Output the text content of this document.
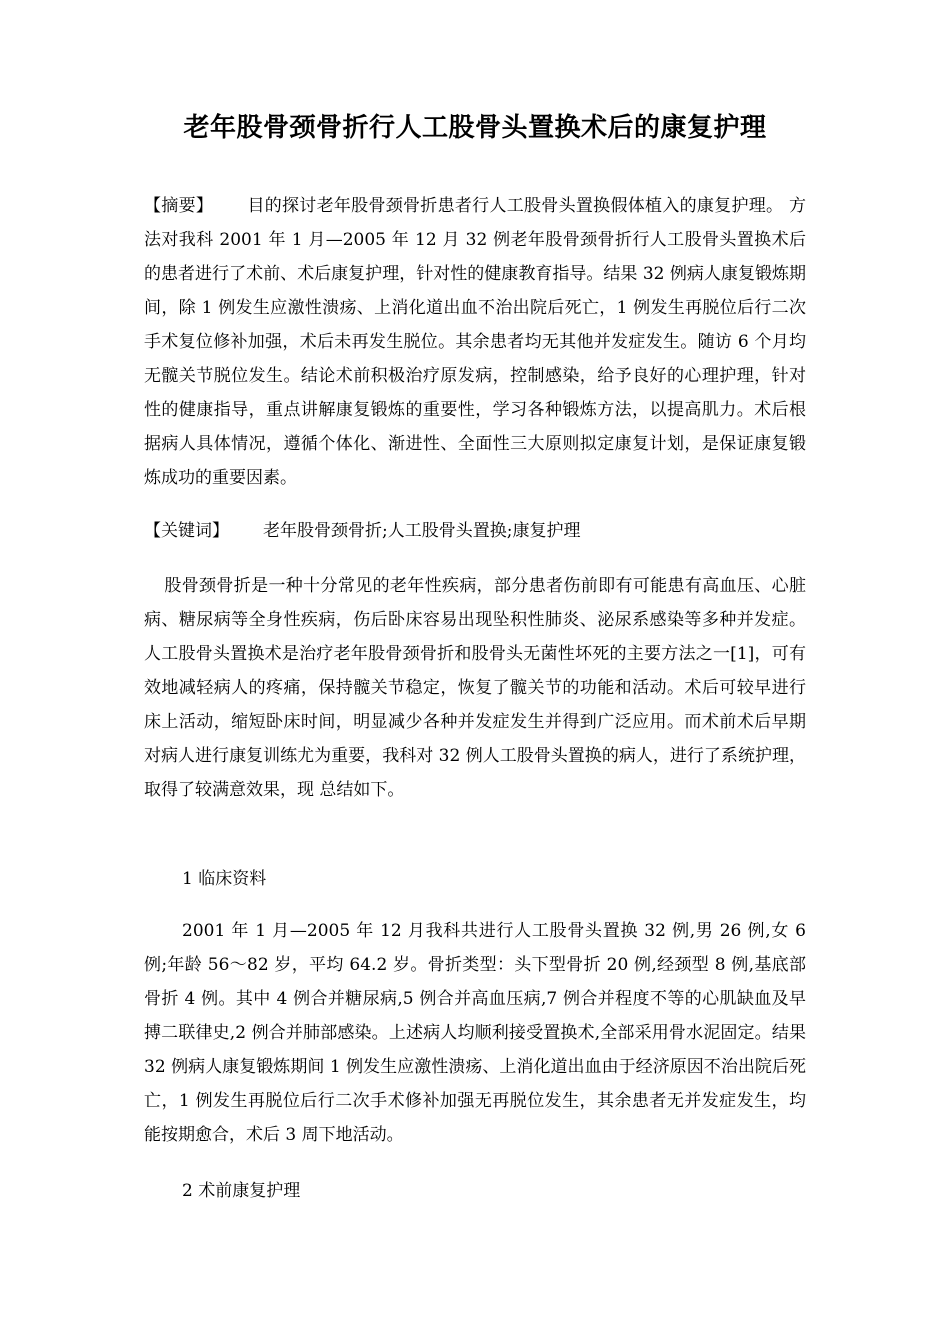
老年股骨颈骨折行人工股骨头置换术后的康复护理
【摘要】 目的探讨老年股骨颈骨折患者行人工股骨头置换假体植入的康复护理。 方法对我科 2001 年 1 月—2005 年 12 月 32 例老年股骨颈骨折行人工股骨头置换术后的患者进行了术前、术后康复护理，针对性的健康教育指导。结果 32 例病人康复锻炼期间，除 1 例发生应激性溃疡、上消化道出血不治出院后死亡，1 例发生再脱位后行二次手术复位修补加强，术后未再发生脱位。其余患者均无其他并发症发生。随访 6 个月均无髋关节脱位发生。结论术前积极治疗原发病，控制感染，给予良好的心理护理，针对性的健康指导，重点讲解康复锻炼的重要性，学习各种锻炼方法，以提高肌力。术后根据病人具体情况，遵循个体化、渐进性、全面性三大原则拟定康复计划，是保证康复锻炼成功的重要因素。
【关键词】 老年股骨颈骨折;人工股骨头置换;康复护理
股骨颈骨折是一种十分常见的老年性疾病，部分患者伤前即有可能患有高血压、心脏病、糖尿病等全身性疾病，伤后卧床容易出现坠积性肺炎、泌尿系感染等多种并发症。人工股骨头置换术是治疗老年股骨颈骨折和股骨头无菌性坏死的主要方法之一[1]，可有效地减轻病人的疼痛，保持髋关节稳定，恢复了髋关节的功能和活动。术后可较早进行床上活动，缩短卧床时间，明显减少各种并发症发生并得到广泛应用。而术前术后早期对病人进行康复训练尤为重要，我科对 32 例人工股骨头置换的病人，进行了系统护理，取得了较满意效果，现 总结如下。
1 临床资料
2001 年 1 月—2005 年 12 月我科共进行人工股骨头置换 32 例,男 26 例,女 6 例;年龄 56～82 岁，平均 64.2 岁。骨折类型：头下型骨折 20 例,经颈型 8 例,基底部骨折 4 例。其中 4 例合并糖尿病,5 例合并高血压病,7 例合并程度不等的心肌缺血及早搏二联律史,2 例合并肺部感染。上述病人均顺利接受置换术,全部采用骨水泥固定。结果 32 例病人康复锻炼期间 1 例发生应激性溃疡、上消化道出血由于经济原因不治出院后死亡，1 例发生再脱位后行二次手术修补加强无再脱位发生，其余患者无并发症发生，均能按期愈合，术后 3 周下地活动。
2 术前康复护理
